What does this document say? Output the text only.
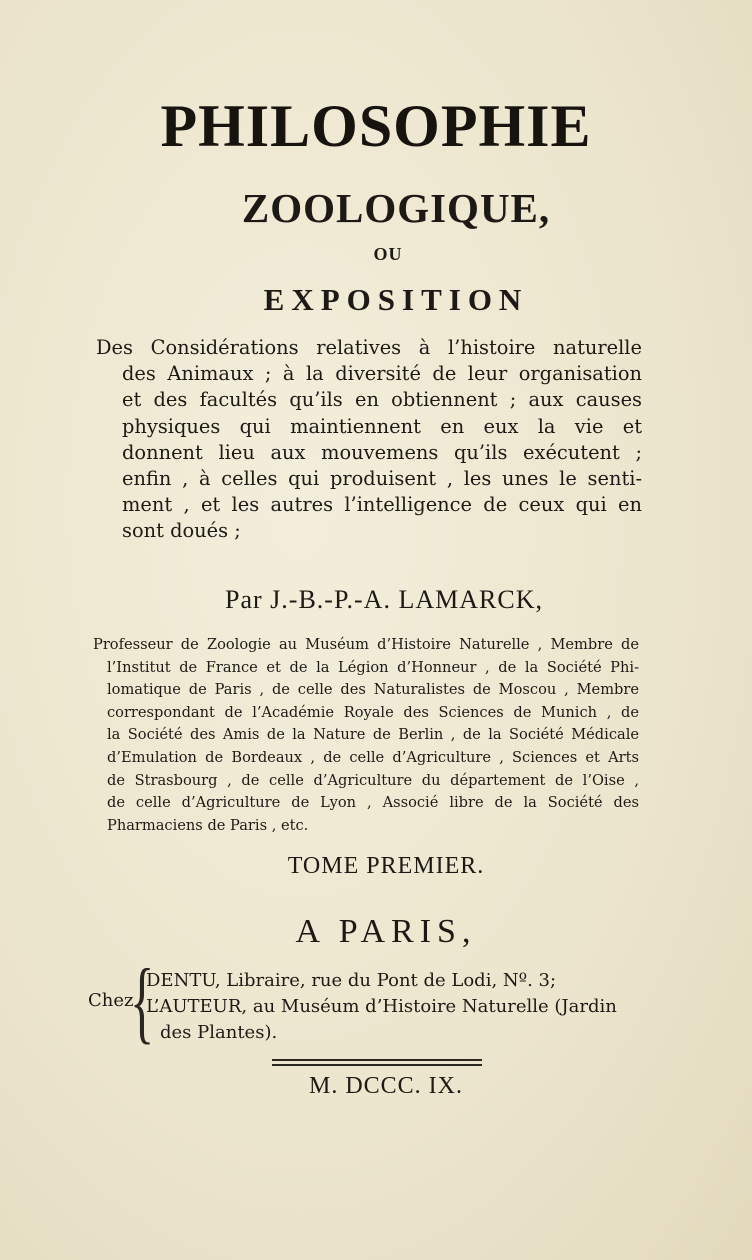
PHILOSOPHIE
ZOOLOGIQUE,
OU
EXPOSITION
Des Considérations relatives à l’histoire naturelle
des Animaux ; à la diversité de leur organisation
et des facultés qu’ils en obtiennent ; aux causes
physiques qui maintiennent en eux la vie et
donnent lieu aux mouvemens qu’ils exécutent ;
enfin , à celles qui produisent , les unes le senti-
ment , et les autres l’intelligence de ceux qui en
sont doués ;
Par J.-B.-P.-A. LAMARCK,
Professeur de Zoologie au Muséum d’Histoire Naturelle , Membre de
l’Institut de France et de la Légion d’Honneur , de la Société Phi-
lomatique de Paris , de celle des Naturalistes de Moscou , Membre
correspondant de l’Académie Royale des Sciences de Munich , de
la Société des Amis de la Nature de Berlin , de la Société Médicale
d’Emulation de Bordeaux , de celle d’Agriculture , Sciences et Arts
de Strasbourg , de celle d’Agriculture du département de l’Oise ,
de celle d’Agriculture de Lyon , Associé libre de la Société des
Pharmaciens de Paris , etc.
TOME PREMIER.
A PARIS,
Chez
{
DENTU, Libraire, rue du Pont de Lodi, Nº. 3;
L’AUTEUR, au Muséum d’Histoire Naturelle (Jardin
des Plantes).
M. DCCC. IX.
